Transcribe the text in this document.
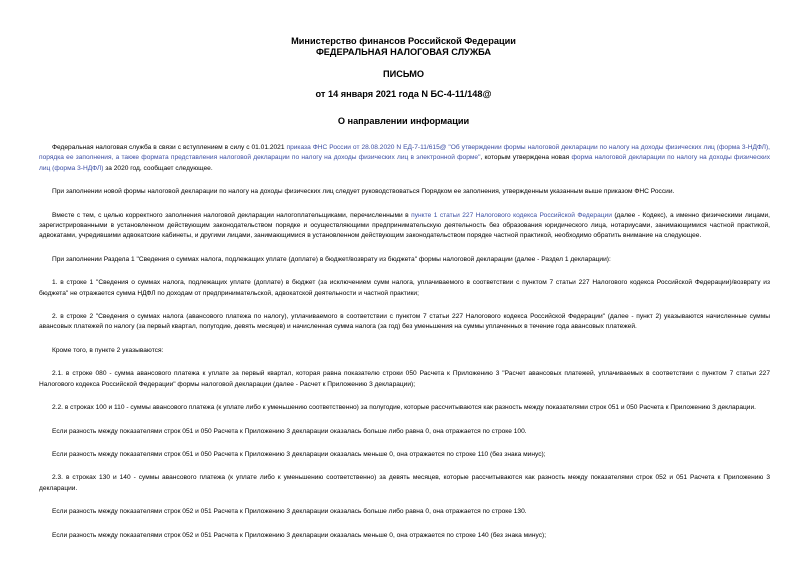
Министерство финансов Российской Федерации
ФЕДЕРАЛЬНАЯ НАЛОГОВАЯ СЛУЖБА
ПИСЬМО
от 14 января 2021 года N БС-4-11/148@
О направлении информации

Федеральная налоговая служба в связи с вступлением в силу с 01.01.2021 приказа ФНС России от 28.08.2020 N ЕД-7-11/615@ "Об утверждении формы налоговой декларации по налогу на доходы физических лиц (форма 3-НДФЛ), порядка ее заполнения, а также формата представления налоговой декларации по налогу на доходы физических лиц в электронной форме", которым утверждена новая форма налоговой декларации по налогу на доходы физических лиц (форма 3-НДФЛ) за 2020 год, сообщает следующее.

При заполнении новой формы налоговой декларации по налогу на доходы физических лиц следует руководствоваться Порядком ее заполнения, утвержденным указанным выше приказом ФНС России.

Вместе с тем, с целью корректного заполнения налоговой декларации налогоплательщиками, перечисленными в пункте 1 статьи 227 Налогового кодекса Российской Федерации (далее - Кодекс), а именно физическими лицами, зарегистрированными в установленном действующим законодательством порядке и осуществляющими предпринимательскую деятельность без образования юридического лица, нотариусами, занимающимися частной практикой, адвокатами, учредившими адвокатские кабинеты, и другими лицами, занимающимися в установленном действующим законодательством порядке частной практикой, необходимо обратить внимание на следующее.

При заполнении Раздела 1 "Сведения о суммах налога, подлежащих уплате (доплате) в бюджет/возврату из бюджета" формы налоговой декларации (далее - Раздел 1 декларации):

1. в строке 1 "Сведения о суммах налога, подлежащих уплате (доплате) в бюджет (за исключением сумм налога, уплачиваемого в соответствии с пунктом 7 статьи 227 Налогового кодекса Российской Федерации)/возврату из бюджета" не отражается сумма НДФЛ по доходам от предпринимательской, адвокатской деятельности и частной практики;

2. в строке 2 "Сведения о суммах налога (авансового платежа по налогу), уплачиваемого в соответствии с пунктом 7 статьи 227 Налогового кодекса Российской Федерации" (далее - пункт 2) указываются начисленные суммы авансовых платежей по налогу (за первый квартал, полугодие, девять месяцев) и начисленная сумма налога (за год) без уменьшения на суммы уплаченных в течение года авансовых платежей.

Кроме того, в пункте 2 указываются:

2.1. в строке 080 - сумма авансового платежа к уплате за первый квартал, которая равна показателю строки 050 Расчета к Приложению 3 "Расчет авансовых платежей, уплачиваемых в соответствии с пунктом 7 статьи 227 Налогового кодекса Российской Федерации" формы налоговой декларации (далее - Расчет к Приложению 3 декларации);

2.2. в строках 100 и 110 - суммы авансового платежа (к уплате либо к уменьшению соответственно) за полугодие, которые рассчитываются как разность между показателями строк 051 и 050 Расчета к Приложению 3 декларации.

Если разность между показателями строк 051 и 050 Расчета к Приложению 3 декларации оказалась больше либо равна 0, она отражается по строке 100.

Если разность между показателями строк 051 и 050 Расчета к Приложению 3 декларации оказалась меньше 0, она отражается по строке 110 (без знака минус);

2.3. в строках 130 и 140 - суммы авансового платежа (к уплате либо к уменьшению соответственно) за девять месяцев, которые рассчитываются как разность между показателями строк 052 и 051 Расчета к Приложению 3 декларации.

Если разность между показателями строк 052 и 051 Расчета к Приложению 3 декларации оказалась больше либо равна 0, она отражается по строке 130.

Если разность между показателями строк 052 и 051 Расчета к Приложению 3 декларации оказалась меньше 0, она отражается по строке 140 (без знака минус);
